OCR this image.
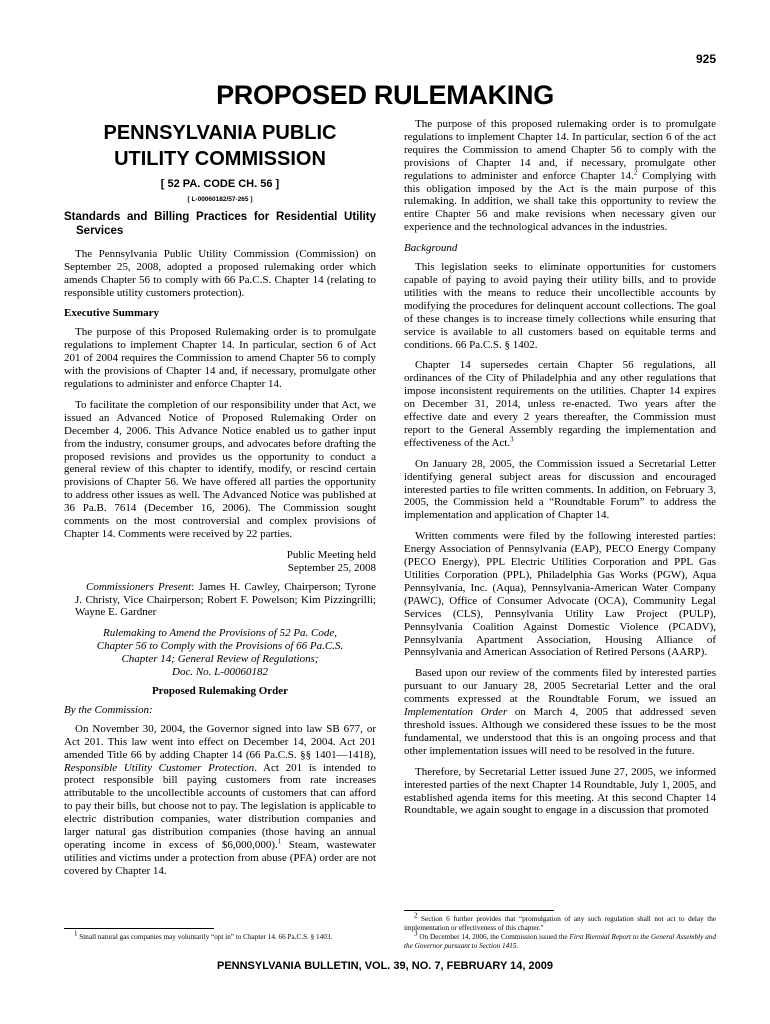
925
PROPOSED RULEMAKING
PENNSYLVANIA PUBLIC
UTILITY COMMISSION
[ 52 PA. CODE CH. 56 ]
[ L-00060182/57-265 ]
Standards and Billing Practices for Residential Utility Services

The Pennsylvania Public Utility Commission (Commission) on September 25, 2008, adopted a proposed rulemaking order which amends Chapter 56 to comply with 66 Pa.C.S. Chapter 14 (relating to responsible utility customers protection).

Executive Summary

The purpose of this Proposed Rulemaking order is to promulgate regulations to implement Chapter 14. In particular, section 6 of Act 201 of 2004 requires the Commission to amend Chapter 56 to comply with the provisions of Chapter 14 and, if necessary, promulgate other regulations to administer and enforce Chapter 14.

To facilitate the completion of our responsibility under that Act, we issued an Advanced Notice of Proposed Rulemaking Order on December 4, 2006. This Advance Notice enabled us to gather input from the industry, consumer groups, and advocates before drafting the proposed revisions and provides us the opportunity to conduct a general review of this chapter to identify, modify, or rescind certain provisions of Chapter 56. We have offered all parties the opportunity to address other issues as well. The Advanced Notice was published at 36 Pa.B. 7614 (December 16, 2006). The Commission sought comments on the most controversial and complex provisions of Chapter 14. Comments were received by 22 parties.

Public Meeting held
September 25, 2008

Commissioners Present: James H. Cawley, Chairperson; Tyrone J. Christy, Vice Chairperson; Robert F. Powelson; Kim Pizzingrilli; Wayne E. Gardner

Rulemaking to Amend the Provisions of 52 Pa. Code,
Chapter 56 to Comply with the Provisions of 66 Pa.C.S.
Chapter 14; General Review of Regulations;
Doc. No. L-00060182
Proposed Rulemaking Order
By the Commission:

On November 30, 2004, the Governor signed into law SB 677, or Act 201. This law went into effect on December 14, 2004. Act 201 amended Title 66 by adding Chapter 14 (66 Pa.C.S. §§ 1401—1418), Responsible Utility Customer Protection. Act 201 is intended to protect responsible bill paying customers from rate increases attributable to the uncollectible accounts of customers that can afford to pay their bills, but choose not to pay. The legislation is applicable to electric distribution companies, water distribution companies and larger natural gas distribution companies (those having an annual operating income in excess of $6,000,000).$^1$ Steam, wastewater utilities and victims under a protection from abuse (PFA) order are not covered by Chapter 14.

$^1$ Small natural gas companies may voluntarily “opt in” to Chapter 14. 66 Pa.C.S. § 1403.

The purpose of this proposed rulemaking order is to promulgate regulations to implement Chapter 14. In particular, section 6 of the act requires the Commission to amend Chapter 56 to comply with the provisions of Chapter 14 and, if necessary, promulgate other regulations to administer and enforce Chapter 14.$^2$ Complying with this obligation imposed by the Act is the main purpose of this rulemaking. In addition, we shall take this opportunity to review the entire Chapter 56 and make revisions when necessary given our experience and the technological advances in the industries.

Background

This legislation seeks to eliminate opportunities for customers capable of paying to avoid paying their utility bills, and to provide utilities with the means to reduce their uncollectible accounts by modifying the procedures for delinquent account collections. The goal of these changes is to increase timely collections while ensuring that service is available to all customers based on equitable terms and conditions. 66 Pa.C.S. § 1402.

Chapter 14 supersedes certain Chapter 56 regulations, all ordinances of the City of Philadelphia and any other regulations that impose inconsistent requirements on the utilities. Chapter 14 expires on December 31, 2014, unless re-enacted. Two years after the effective date and every 2 years thereafter, the Commission must report to the General Assembly regarding the implementation and effectiveness of the Act.$^3$

On January 28, 2005, the Commission issued a Secretarial Letter identifying general subject areas for discussion and encouraged interested parties to file written comments. In addition, on February 3, 2005, the Commission held a “Roundtable Forum” to address the implementation and application of Chapter 14.

Written comments were filed by the following interested parties: Energy Association of Pennsylvania (EAP), PECO Energy Company (PECO Energy), PPL Electric Utilities Corporation and PPL Gas Utilities Corporation (PPL), Philadelphia Gas Works (PGW), Aqua Pennsylvania, Inc. (Aqua), Pennsylvania-American Water Company (PAWC), Office of Consumer Advocate (OCA), Community Legal Services (CLS), Pennsylvania Utility Law Project (PULP), Pennsylvania Coalition Against Domestic Violence (PCADV), Pennsylvania Apartment Association, Housing Alliance of Pennsylvania and American Association of Retired Persons (AARP).

Based upon our review of the comments filed by interested parties pursuant to our January 28, 2005 Secretarial Letter and the oral comments expressed at the Roundtable Forum, we issued an Implementation Order on March 4, 2005 that addressed seven threshold issues. Although we considered these issues to be the most fundamental, we understood that this is an ongoing process and that other implementation issues will need to be resolved in the future.

Therefore, by Secretarial Letter issued June 27, 2005, we informed interested parties of the next Chapter 14 Roundtable, July 1, 2005, and established agenda items for this meeting. At this second Chapter 14 Roundtable, we again sought to engage in a discussion that promoted

$^2$ Section 6 further provides that “promulgation of any such regulation shall not act to delay the implementation or effectiveness of this chapter.”

$^3$ On December 14, 2006, the Commission issued the First Biennial Report to the General Assembly and the Governor pursuant to Section 1415.

PENNSYLVANIA BULLETIN, VOL. 39, NO. 7, FEBRUARY 14, 2009
